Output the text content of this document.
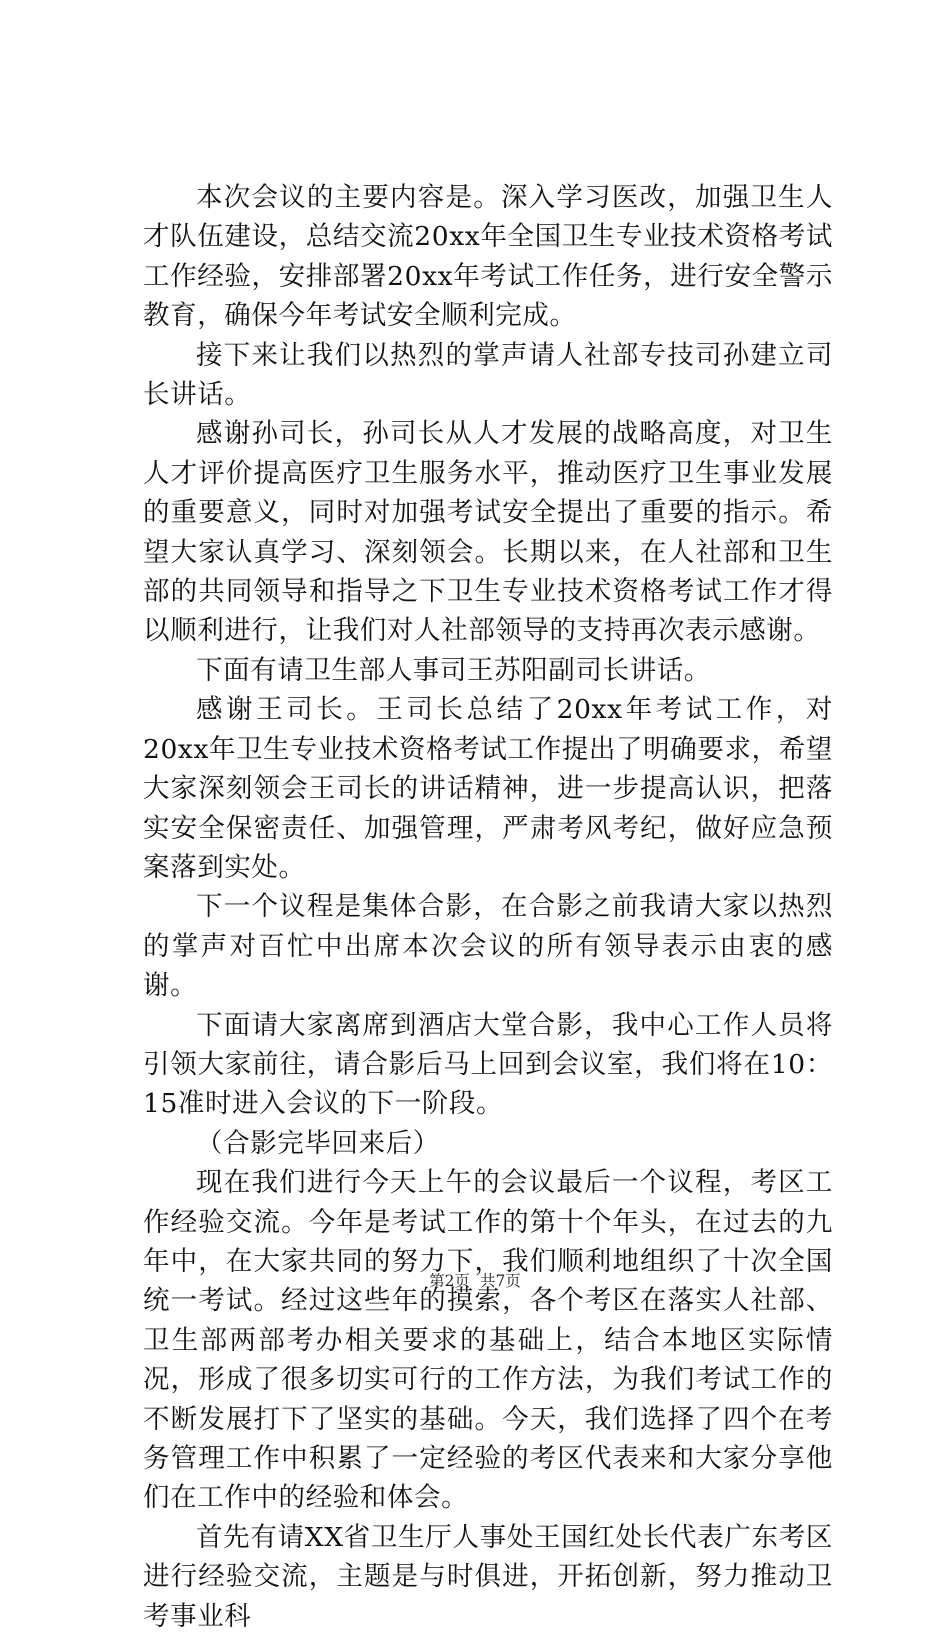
本次会议的主要内容是。深入学习医改，加强卫生人才队伍建设，总结交流20xx年全国卫生专业技术资格考试工作经验，安排部署20xx年考试工作任务，进行安全警示教育，确保今年考试安全顺利完成。

接下来让我们以热烈的掌声请人社部专技司孙建立司长讲话。

感谢孙司长，孙司长从人才发展的战略高度，对卫生人才评价提高医疗卫生服务水平，推动医疗卫生事业发展的重要意义，同时对加强考试安全提出了重要的指示。希望大家认真学习、深刻领会。长期以来，在人社部和卫生部的共同领导和指导之下卫生专业技术资格考试工作才得以顺利进行，让我们对人社部领导的支持再次表示感谢。

下面有请卫生部人事司王苏阳副司长讲话。

感谢王司长。王司长总结了20xx年考试工作，对20xx年卫生专业技术资格考试工作提出了明确要求，希望大家深刻领会王司长的讲话精神，进一步提高认识，把落实安全保密责任、加强管理，严肃考风考纪，做好应急预案落到实处。

下一个议程是集体合影，在合影之前我请大家以热烈的掌声对百忙中出席本次会议的所有领导表示由衷的感谢。

下面请大家离席到酒店大堂合影，我中心工作人员将引领大家前往，请合影后马上回到会议室，我们将在10：15准时进入会议的下一阶段。

（合影完毕回来后）

现在我们进行今天上午的会议最后一个议程，考区工作经验交流。今年是考试工作的第十个年头，在过去的九年中，在大家共同的努力下，我们顺利地组织了十次全国统一考试。经过这些年的摸索，各个考区在落实人社部、卫生部两部考办相关要求的基础上，结合本地区实际情况，形成了很多切实可行的工作方法，为我们考试工作的不断发展打下了坚实的基础。今天，我们选择了四个在考务管理工作中积累了一定经验的考区代表来和大家分享他们在工作中的经验和体会。

首先有请XX省卫生厅人事处王国红处长代表广东考区进行经验交流，主题是与时俱进，开拓创新，努力推动卫考事业科

第2页 共7页
